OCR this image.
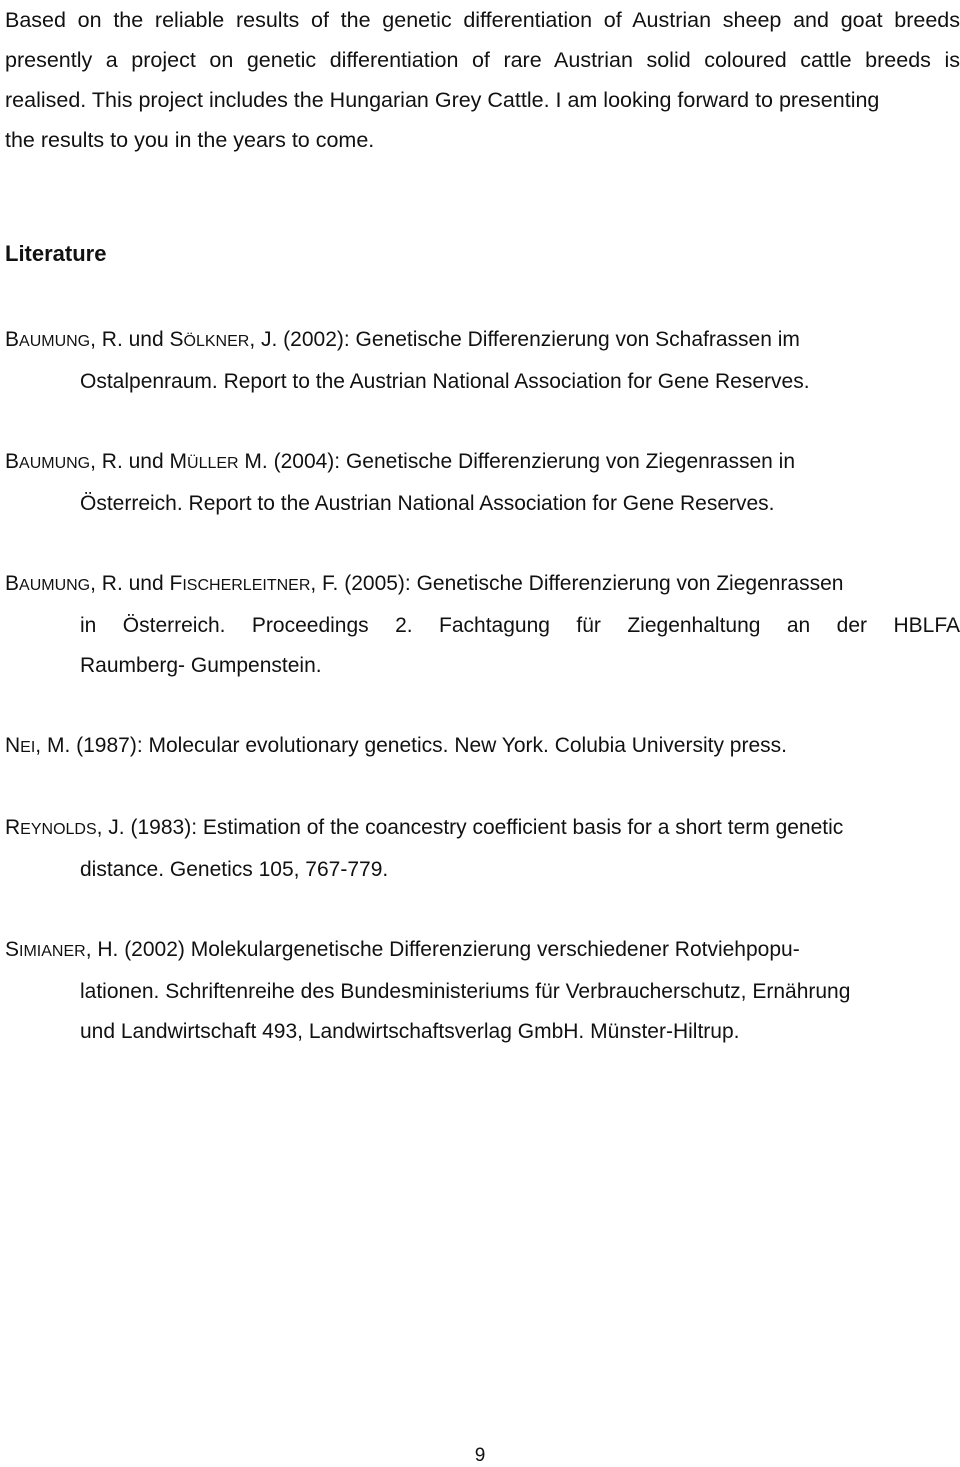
Based on the reliable results of the genetic differentiation of Austrian sheep and goat breeds
presently a project on genetic differentiation of rare Austrian solid coloured cattle breeds is
realised. This project includes the Hungarian Grey Cattle. I am looking forward to presenting
the results to you in the years to come.
Literature
BAUMUNG, R. und SÖLKNER, J. (2002): Genetische Differenzierung von Schafrassen im
Ostalpenraum. Report to the Austrian National Association for Gene Reserves.
BAUMUNG, R. und MÜLLER M. (2004): Genetische Differenzierung von Ziegenrassen in
Österreich. Report to the Austrian National Association for Gene Reserves.
BAUMUNG, R. und FISCHERLEITNER, F. (2005): Genetische Differenzierung von Ziegenrassen
in Österreich. Proceedings 2. Fachtagung für Ziegenhaltung an der HBLFA
Raumberg- Gumpenstein.
NEI, M. (1987): Molecular evolutionary genetics. New York. Colubia University press.
REYNOLDS, J. (1983): Estimation of the coancestry coefficient basis for a short term genetic
distance. Genetics 105, 767-779.
SIMIANER, H. (2002) Molekulargenetische Differenzierung verschiedener Rotviehpopu-
lationen. Schriftenreihe des Bundesministeriums für Verbraucherschutz, Ernährung
und Landwirtschaft 493, Landwirtschaftsverlag GmbH. Münster-Hiltrup.
9
